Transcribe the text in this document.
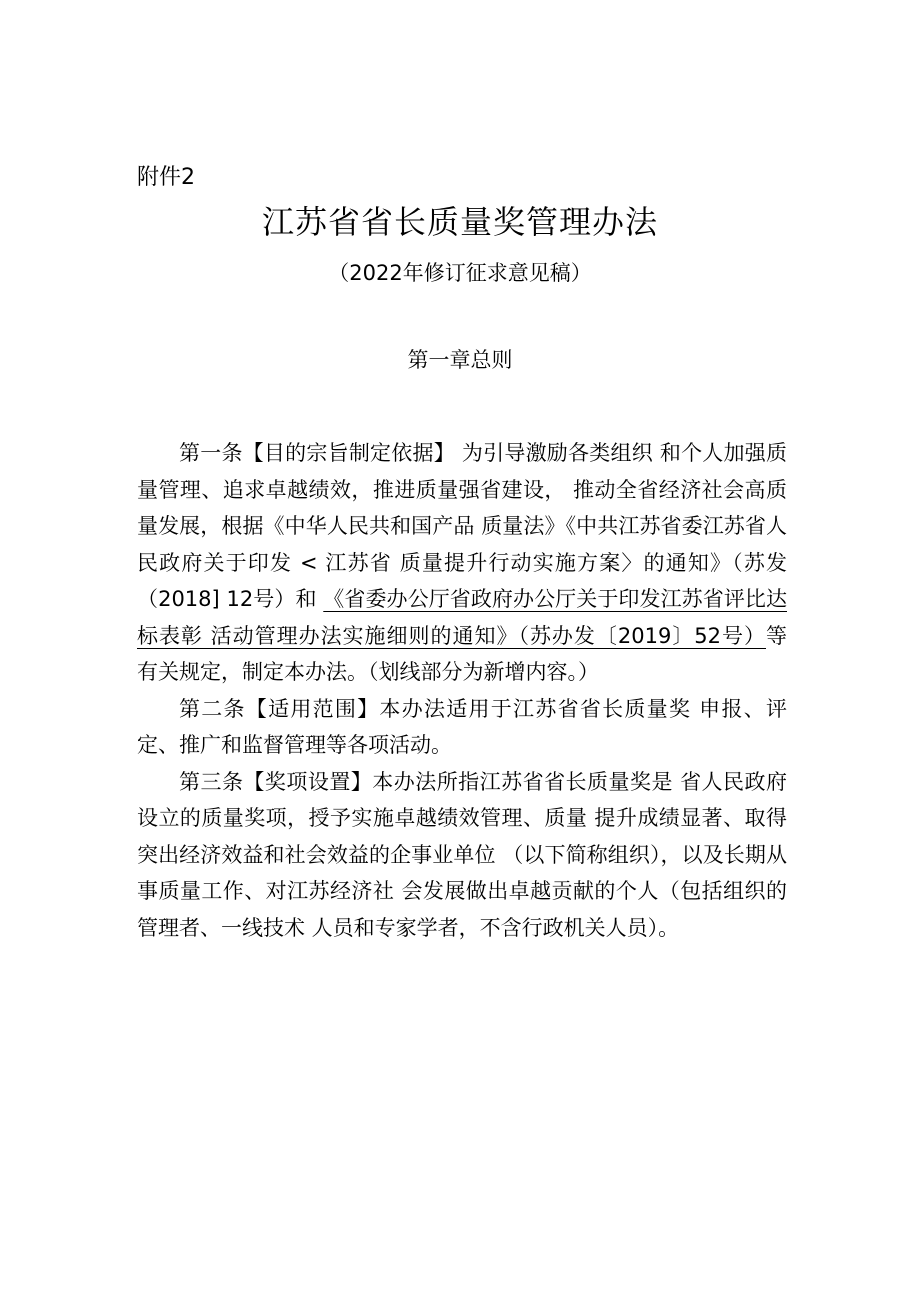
附件2
江苏省省长质量奖管理办法
（2022年修订征求意见稿）
第一章总则

第一条【目的宗旨制定依据】 为引导激励各类组织 和个人加强质量管理、追求卓越绩效，推进质量强省建设， 推动全省经济社会高质量发展，根据《中华人民共和国产品 质量法》《中共江苏省委江苏省人民政府关于印发 < 江苏省 质量提升行动实施方案〉的通知》（苏发（2018] 12号）和 《省委办公厅省政府办公厅关于印发江苏省评比达标表彰 活动管理办法实施细则的通知》（苏办发〔2019〕52号）等 有关规定，制定本办法。（划线部分为新增内容。）

第二条【适用范围】本办法适用于江苏省省长质量奖 申报、评定、推广和监督管理等各项活动。

第三条【奖项设置】本办法所指江苏省省长质量奖是 省人民政府设立的质量奖项，授予实施卓越绩效管理、质量 提升成绩显著、取得突出经济效益和社会效益的企事业单位 （以下简称组织），以及长期从事质量工作、对江苏经济社 会发展做出卓越贡献的个人（包括组织的管理者、一线技术 人员和专家学者，不含行政机关人员）。
